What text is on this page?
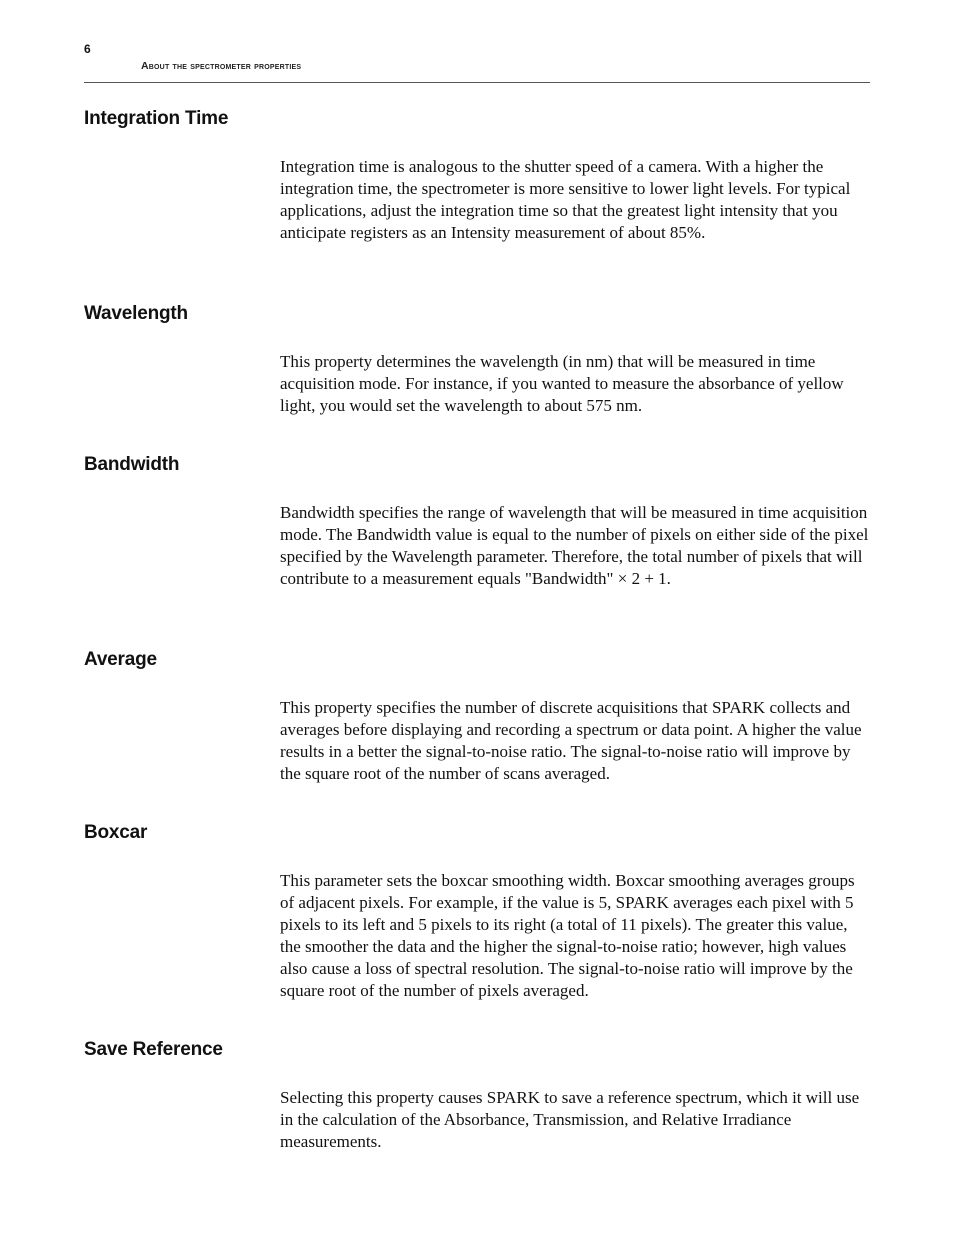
6
About the spectrometer properties
Integration Time

Integration time is analogous to the shutter speed of a camera. With a higher the integration time, the spectrometer is more sensitive to lower light levels. For typical applications, adjust the integration time so that the greatest light intensity that you anticipate registers as an Intensity measurement of about 85%.

Wavelength

This property determines the wavelength (in nm) that will be measured in time acquisition mode. For instance, if you wanted to measure the absorbance of yellow light, you would set the wavelength to about 575 nm.

Bandwidth

Bandwidth specifies the range of wavelength that will be measured in time acquisition mode. The Bandwidth value is equal to the number of pixels on either side of the pixel specified by the Wavelength parameter. Therefore, the total number of pixels that will contribute to a measurement equals "Bandwidth" × 2 + 1.

Average

This property specifies the number of discrete acquisitions that SPARK collects and averages before displaying and recording a spectrum or data point. A higher the value results in a better the signal-to-noise ratio. The signal-to-noise ratio will improve by the square root of the number of scans averaged.

Boxcar

This parameter sets the boxcar smoothing width. Boxcar smoothing averages groups of adjacent pixels. For example, if the value is 5, SPARK averages each pixel with 5 pixels to its left and 5 pixels to its right (a total of 11 pixels). The greater this value, the smoother the data and the higher the signal-to-noise ratio; however, high values also cause a loss of spectral resolution. The signal-to-noise ratio will improve by the square root of the number of pixels averaged.

Save Reference

Selecting this property causes SPARK to save a reference spectrum, which it will use in the calculation of the Absorbance, Transmission, and Relative Irradiance measurements.
